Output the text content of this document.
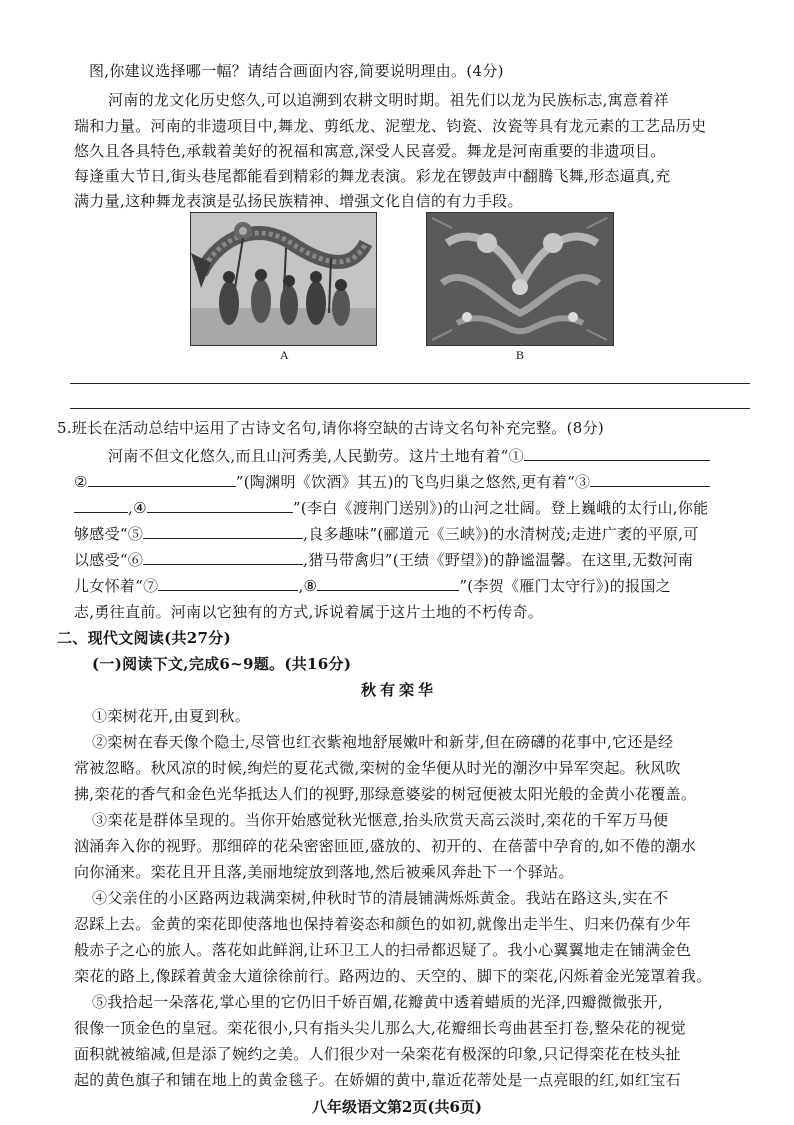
图,你建议选择哪一幅？请结合画面内容,简要说明理由。(4分)
河南的龙文化历史悠久,可以追溯到农耕文明时期。祖先们以龙为民族标志,寓意着祥
瑞和力量。河南的非遗项目中,舞龙、剪纸龙、泥塑龙、钧瓷、汝瓷等具有龙元素的工艺品历史
悠久且各具特色,承载着美好的祝福和寓意,深受人民喜爱。舞龙是河南重要的非遗项目。
每逢重大节日,街头巷尾都能看到精彩的舞龙表演。彩龙在锣鼓声中翻腾飞舞,形态逼真,充
满力量,这种舞龙表演是弘扬民族精神、增强文化自信的有力手段。
A	B
5.班长在活动总结中运用了古诗文名句,请你将空缺的古诗文名句补充完整。(8分)
河南不但文化悠久,而且山河秀美,人民勤劳。这片土地有着“①
②	”(陶渊明《饮酒》其五)的飞鸟归巢之悠然,更有着“③
,④	”(李白《渡荆门送别》)的山河之壮阔。登上巍峨的太行山,你能
够感受“⑤	,良多趣味”(郦道元《三峡》)的水清树茂;走进广袤的平原,可
以感受“⑥	,猎马带禽归”(王绩《野望》)的静谧温馨。在这里,无数河南
儿女怀着“⑦	,⑧	”(李贺《雁门太守行》)的报国之
志,勇往直前。河南以它独有的方式,诉说着属于这片土地的不朽传奇。
二、现代文阅读(共27分)
(一)阅读下文,完成6~9题。(共16分)
秋有栾华
①栾树花开,由夏到秋。
②栾树在春天像个隐士,尽管也红衣紫袍地舒展嫩叶和新芽,但在磅礴的花事中,它还是经
常被忽略。秋风凉的时候,绚烂的夏花式微,栾树的金华便从时光的潮汐中异军突起。秋风吹
拂,栾花的香气和金色光华抵达人们的视野,那绿意婆娑的树冠便被太阳光般的金黄小花覆盖。
③栾花是群体呈现的。当你开始感觉秋光惬意,抬头欣赏天高云淡时,栾花的千军万马便
汹涌奔入你的视野。那细碎的花朵密密匝匝,盛放的、初开的、在蓓蕾中孕育的,如不倦的潮水
向你涌来。栾花且开且落,美丽地绽放到落地,然后被乘风奔赴下一个驿站。
④父亲住的小区路两边栽满栾树,仲秋时节的清晨铺满烁烁黄金。我站在路这头,实在不
忍踩上去。金黄的栾花即使落地也保持着姿态和颜色的如初,就像出走半生、归来仍葆有少年
般赤子之心的旅人。落花如此鲜润,让环卫工人的扫帚都迟疑了。我小心翼翼地走在铺满金色
栾花的路上,像踩着黄金大道徐徐前行。路两边的、天空的、脚下的栾花,闪烁着金光笼罩着我。
⑤我拾起一朵落花,掌心里的它仍旧千娇百媚,花瓣黄中透着蜡质的光泽,四瓣微微张开,
很像一顶金色的皇冠。栾花很小,只有指头尖儿那么大,花瓣细长弯曲甚至打卷,整朵花的视觉
面积就被缩减,但是添了婉约之美。人们很少对一朵栾花有极深的印象,只记得栾花在枝头扯
起的黄色旗子和铺在地上的黄金毯子。在娇媚的黄中,靠近花蒂处是一点亮眼的红,如红宝石
八年级语文第2页(共6页)
